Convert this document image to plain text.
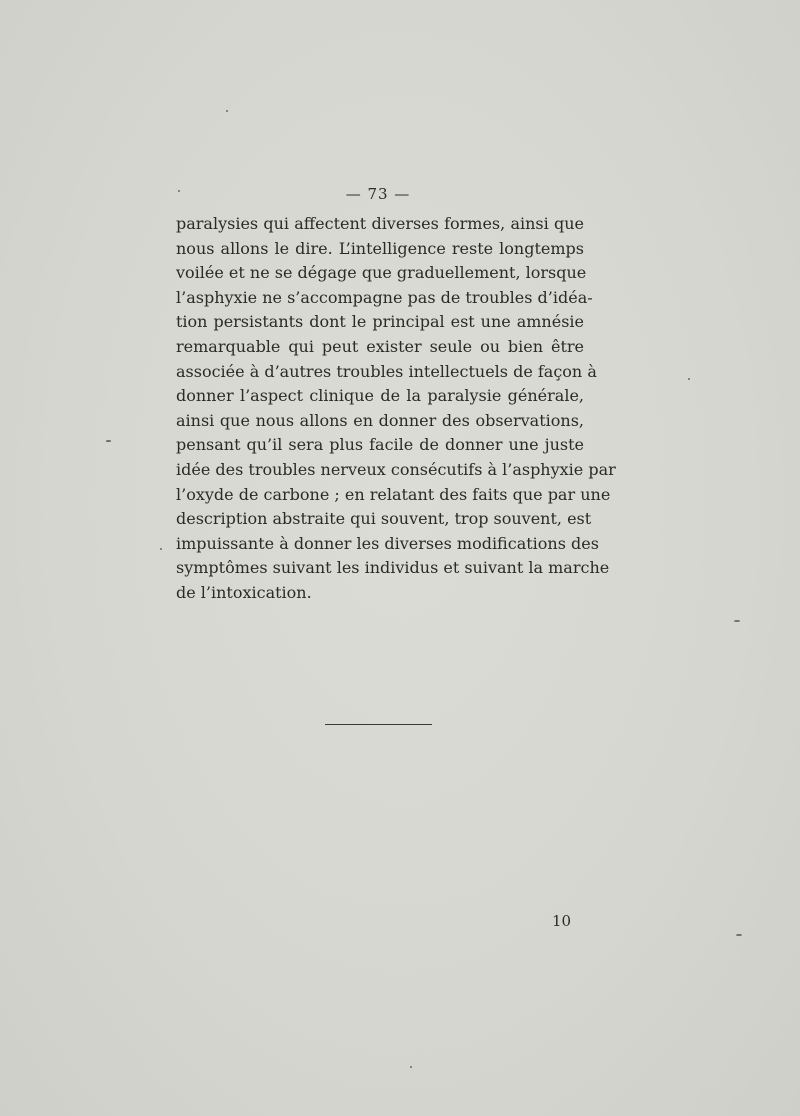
— 73 —
paralysies qui affectent diverses formes, ainsi que
nous allons le dire. L’intelligence reste longtemps
voilée et ne se dégage que graduellement, lorsque
l’asphyxie ne s’accompagne pas de troubles d’idéa-
tion persistants dont le principal est une amnésie
remarquable qui peut exister seule ou bien être
associée à d’autres troubles intellectuels de façon à
donner l’aspect clinique de la paralysie générale,
ainsi que nous allons en donner des observations,
pensant qu’il sera plus facile de donner une juste
idée des troubles nerveux consécutifs à l’asphyxie par
l’oxyde de carbone ; en relatant des faits que par une
description abstraite qui souvent, trop souvent, est
impuissante à donner les diverses modifications des
symptômes suivant les individus et suivant la marche
de l’intoxication.
10
